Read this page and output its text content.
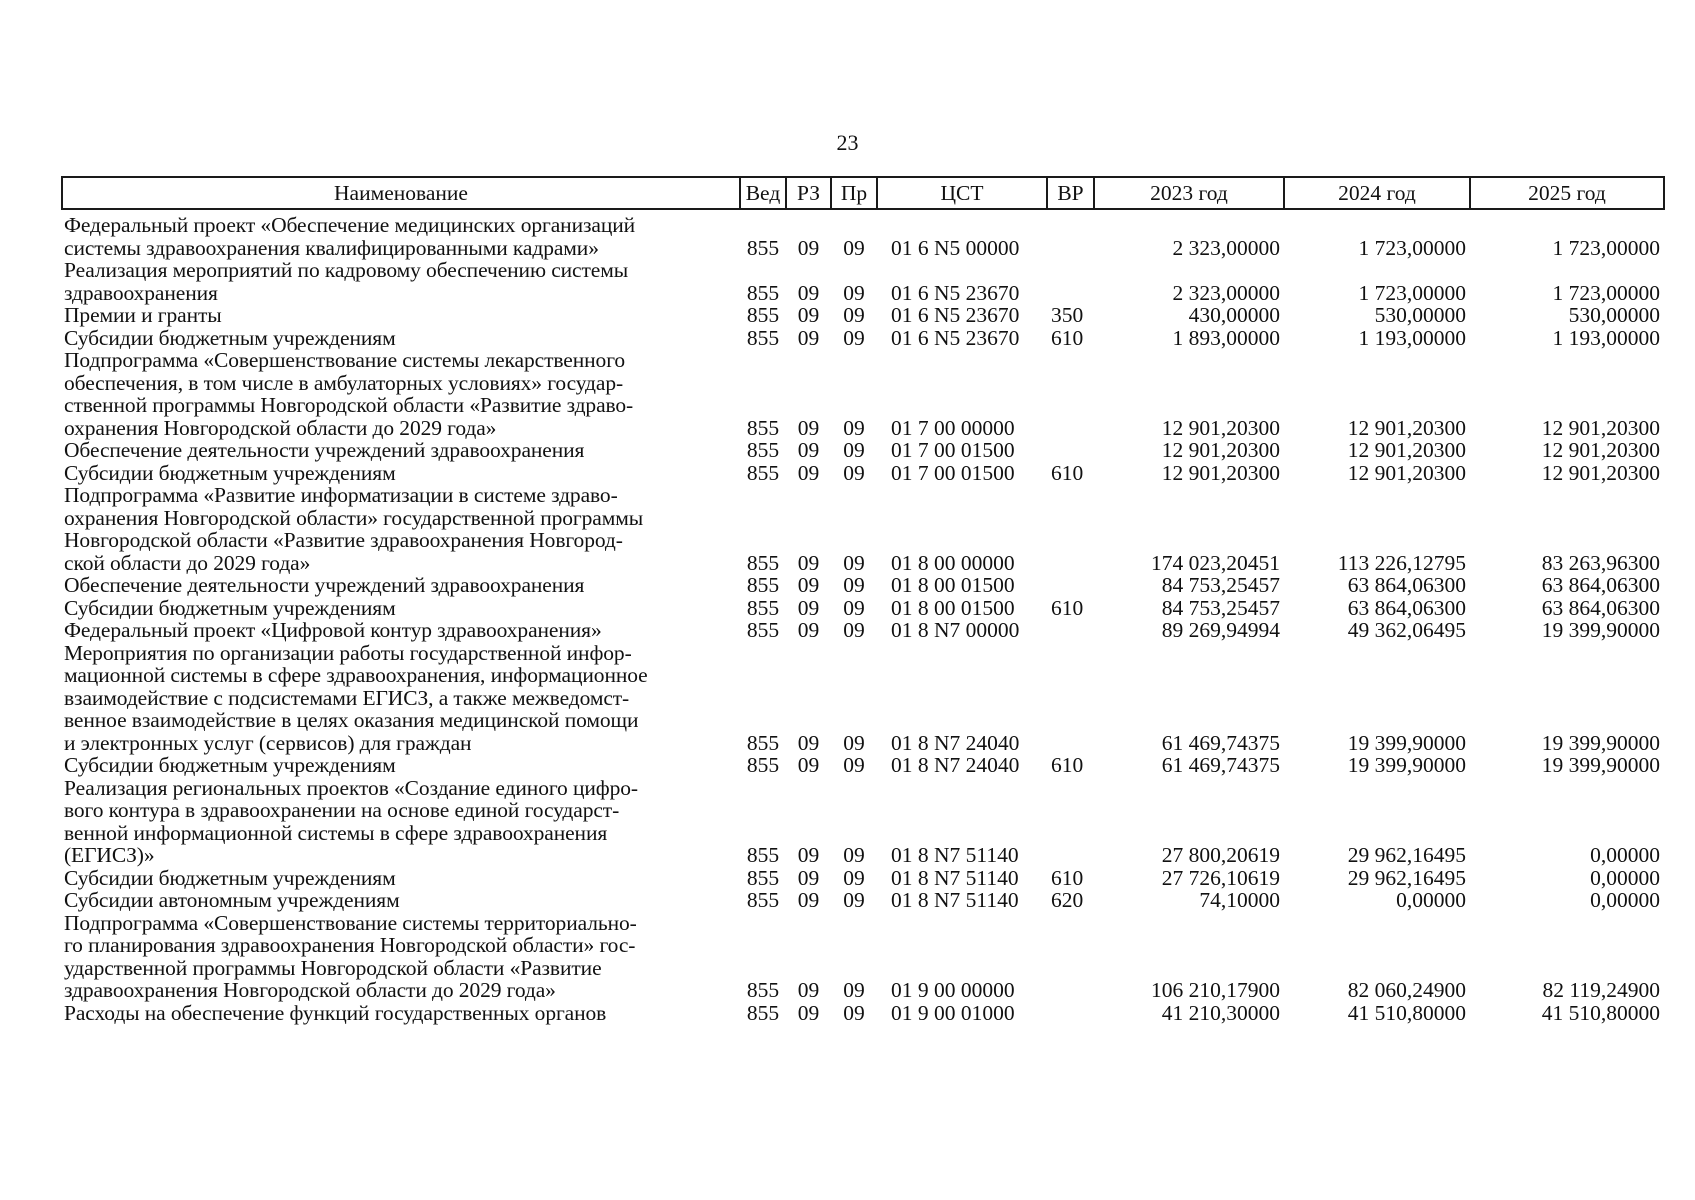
23
Наименование	Вед	РЗ	Пр	ЦСТ	ВР	2023 год	2024 год	2025 год

Федеральный проект «Обеспечение медицинских организаций
системы здравоохранения квалифицированными кадрами»	855	09	09	01 6 N5 00000		2 323,00000	1 723,00000	1 723,00000

Реализация мероприятий по кадровому обеспечению системы
здравоохранения	855	09	09	01 6 N5 23670		2 323,00000	1 723,00000	1 723,00000

Премии и гранты	855	09	09	01 6 N5 23670	350	430,00000	530,00000	530,00000

Субсидии бюджетным учреждениям	855	09	09	01 6 N5 23670	610	1 893,00000	1 193,00000	1 193,00000

Подпрограмма «Совершенствование системы лекарственного
обеспечения, в том числе в амбулаторных условиях» государ-
ственной программы Новгородской области «Развитие здраво-
охранения Новгородской области до 2029 года»	855	09	09	01 7 00 00000		12 901,20300	12 901,20300	12 901,20300

Обеспечение деятельности учреждений здравоохранения	855	09	09	01 7 00 01500		12 901,20300	12 901,20300	12 901,20300

Субсидии бюджетным учреждениям	855	09	09	01 7 00 01500	610	12 901,20300	12 901,20300	12 901,20300

Подпрограмма «Развитие информатизации в системе здраво-
охранения Новгородской области» государственной программы
Новгородской области «Развитие здравоохранения Новгород-
ской области до 2029 года»	855	09	09	01 8 00 00000		174 023,20451	113 226,12795	83 263,96300

Обеспечение деятельности учреждений здравоохранения	855	09	09	01 8 00 01500		84 753,25457	63 864,06300	63 864,06300

Субсидии бюджетным учреждениям	855	09	09	01 8 00 01500	610	84 753,25457	63 864,06300	63 864,06300

Федеральный проект «Цифровой контур здравоохранения»	855	09	09	01 8 N7 00000		89 269,94994	49 362,06495	19 399,90000

Мероприятия по организации работы государственной инфор-
мационной системы в сфере здравоохранения, информационное
взаимодействие с подсистемами ЕГИСЗ, а также межведомст-
венное взаимодействие в целях оказания медицинской помощи
и электронных услуг (сервисов) для граждан	855	09	09	01 8 N7 24040		61 469,74375	19 399,90000	19 399,90000

Субсидии бюджетным учреждениям	855	09	09	01 8 N7 24040	610	61 469,74375	19 399,90000	19 399,90000

Реализация региональных проектов «Создание единого цифро-
вого контура в здравоохранении на основе единой государст-
венной информационной системы в сфере здравоохранения
(ЕГИСЗ)»	855	09	09	01 8 N7 51140		27 800,20619	29 962,16495	0,00000

Субсидии бюджетным учреждениям	855	09	09	01 8 N7 51140	610	27 726,10619	29 962,16495	0,00000

Субсидии автономным учреждениям	855	09	09	01 8 N7 51140	620	74,10000	0,00000	0,00000

Подпрограмма «Совершенствование системы территориально-
го планирования здравоохранения Новгородской области» гос-
ударственной программы Новгородской области «Развитие
здравоохранения Новгородской области до 2029 года»	855	09	09	01 9 00 00000		106 210,17900	82 060,24900	82 119,24900

Расходы на обеспечение функций государственных органов	855	09	09	01 9 00 01000		41 210,30000	41 510,80000	41 510,80000
